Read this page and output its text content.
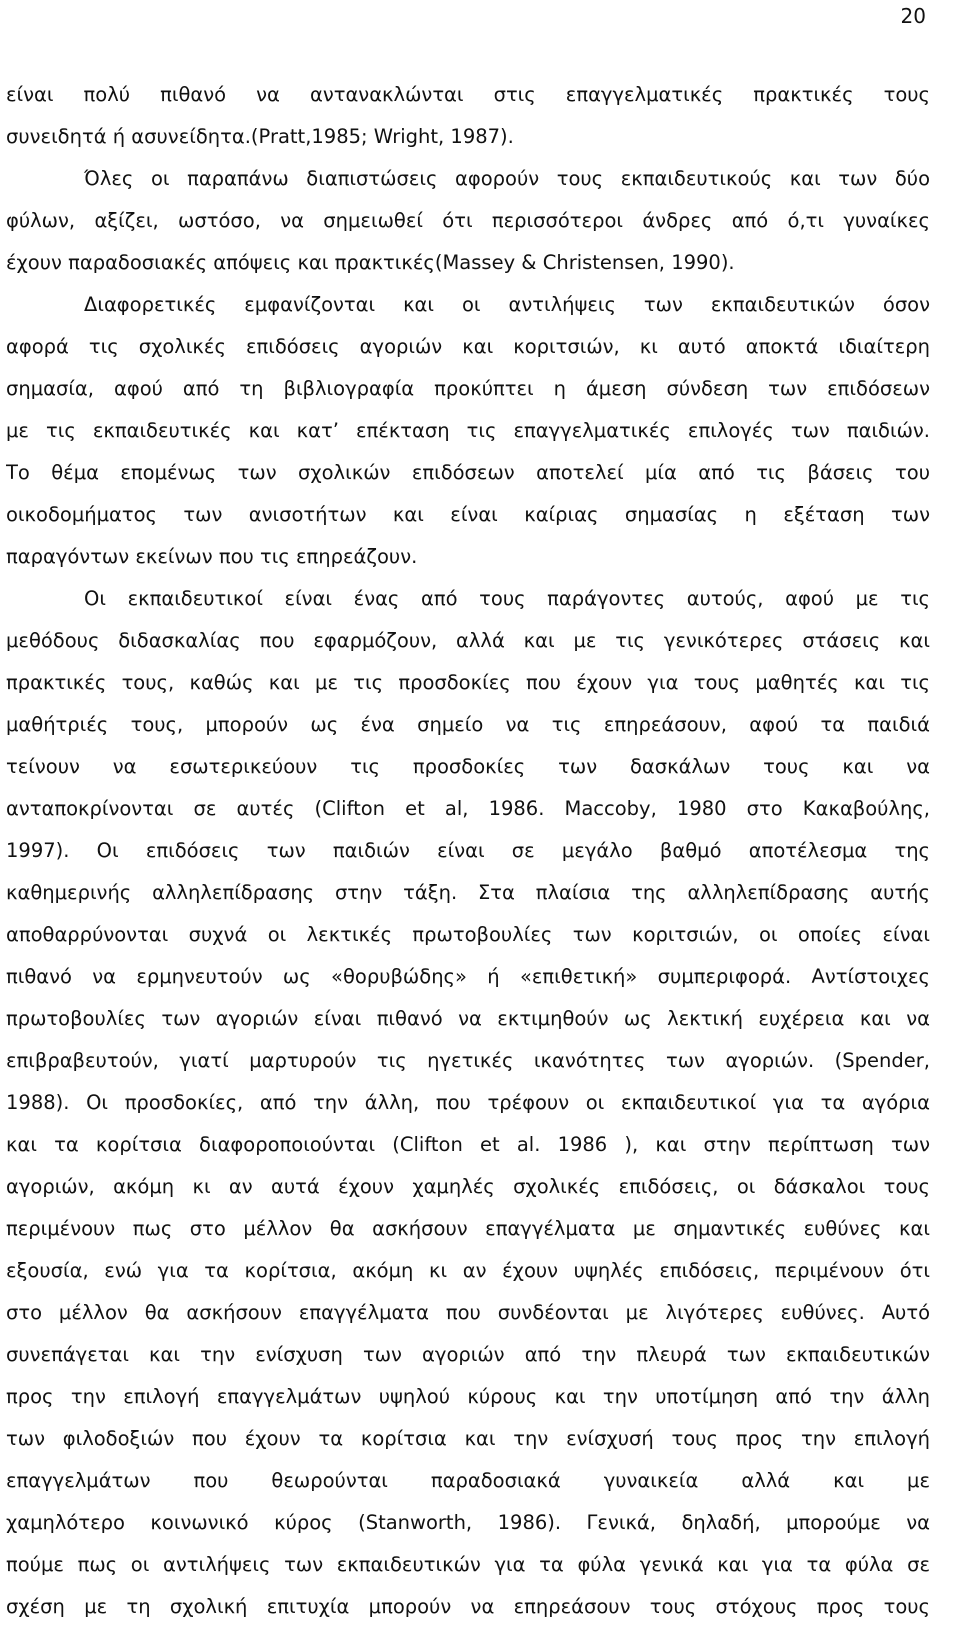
20
είναι πολύ πιθανό να αντανακλώνται στις επαγγελματικές πρακτικές τους
συνειδητά ή ασυνείδητα.(Pratt,1985; Wright, 1987).
Όλες οι παραπάνω διαπιστώσεις αφορούν τους εκπαιδευτικούς και των δύο
φύλων, αξίζει, ωστόσο, να σημειωθεί ότι περισσότεροι άνδρες από ό,τι γυναίκες
έχουν παραδοσιακές απόψεις και πρακτικές(Massey & Christensen, 1990).
Διαφορετικές εμφανίζονται και οι αντιλήψεις των εκπαιδευτικών όσον
αφορά τις σχολικές επιδόσεις αγοριών και κοριτσιών, κι αυτό αποκτά ιδιαίτερη
σημασία, αφού από τη βιβλιογραφία προκύπτει η άμεση σύνδεση των επιδόσεων
με τις εκπαιδευτικές και κατ’ επέκταση τις επαγγελματικές επιλογές των παιδιών.
Το θέμα επομένως των σχολικών επιδόσεων αποτελεί μία από τις βάσεις του
οικοδομήματος των ανισοτήτων και είναι καίριας σημασίας η εξέταση των
παραγόντων εκείνων που τις επηρεάζουν.
Οι εκπαιδευτικοί είναι ένας από τους παράγοντες αυτούς, αφού με τις
μεθόδους διδασκαλίας που εφαρμόζουν, αλλά και με τις γενικότερες στάσεις και
πρακτικές τους, καθώς και με τις προσδοκίες που έχουν για τους μαθητές και τις
μαθήτριές τους, μπορούν ως ένα σημείο να τις επηρεάσουν, αφού τα παιδιά
τείνουν να εσωτερικεύουν τις προσδοκίες των δασκάλων τους και να
ανταποκρίνονται σε αυτές (Clifton et al, 1986. Maccoby, 1980 στο Κακαβούλης,
1997). Οι επιδόσεις των παιδιών είναι σε μεγάλο βαθμό αποτέλεσμα της
καθημερινής αλληλεπίδρασης στην τάξη. Στα πλαίσια της αλληλεπίδρασης αυτής
αποθαρρύνονται συχνά οι λεκτικές πρωτοβουλίες των κοριτσιών, οι οποίες είναι
πιθανό να ερμηνευτούν ως «θορυβώδης» ή «επιθετική» συμπεριφορά. Αντίστοιχες
πρωτοβουλίες των αγοριών είναι πιθανό να εκτιμηθούν ως λεκτική ευχέρεια και να
επιβραβευτούν, γιατί μαρτυρούν τις ηγετικές ικανότητες των αγοριών. (Spender,
1988). Οι προσδοκίες, από την άλλη, που τρέφουν οι εκπαιδευτικοί για τα αγόρια
και τα κορίτσια διαφοροποιούνται (Clifton et al. 1986 ), και στην περίπτωση των
αγοριών, ακόμη κι αν αυτά έχουν χαμηλές σχολικές επιδόσεις, οι δάσκαλοι τους
περιμένουν πως στο μέλλον θα ασκήσουν επαγγέλματα με σημαντικές ευθύνες και
εξουσία, ενώ για τα κορίτσια, ακόμη κι αν έχουν υψηλές επιδόσεις, περιμένουν ότι
στο μέλλον θα ασκήσουν επαγγέλματα που συνδέονται με λιγότερες ευθύνες. Αυτό
συνεπάγεται και την ενίσχυση των αγοριών από την πλευρά των εκπαιδευτικών
προς την επιλογή επαγγελμάτων υψηλού κύρους και την υποτίμηση από την άλλη
των φιλοδοξιών που έχουν τα κορίτσια και την ενίσχυσή τους προς την επιλογή
επαγγελμάτων που θεωρούνται παραδοσιακά γυναικεία αλλά και με
χαμηλότερο κοινωνικό κύρος (Stanworth, 1986). Γενικά, δηλαδή, μπορούμε να
πούμε πως οι αντιλήψεις των εκπαιδευτικών για τα φύλα γενικά και για τα φύλα σε
σχέση με τη σχολική επιτυχία μπορούν να επηρεάσουν τους στόχους προς τους
